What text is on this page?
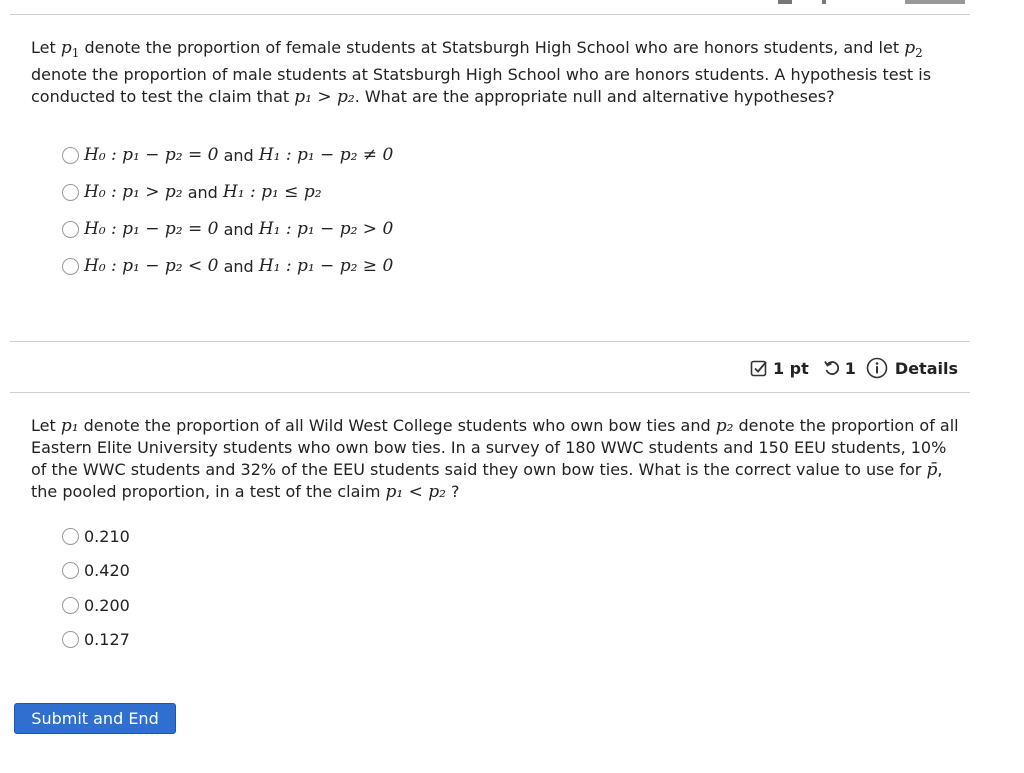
Let $p_1$ denote the proportion of female students at Statsburgh High School who are honors students, and let $p_2$ denote the proportion of male students at Statsburgh High School who are honors students. A hypothesis test is conducted to test the claim that p₁ > p₂. What are the appropriate null and alternative hypotheses?

H₀ : p₁ − p₂ = 0 and H₁ : p₁ − p₂ ≠ 0
H₀ : p₁ > p₂ and H₁ : p₁ ≤ p₂
H₀ : p₁ − p₂ = 0 and H₁ : p₁ − p₂ > 0
H₀ : p₁ − p₂ < 0 and H₁ : p₁ − p₂ ≥ 0
1 pt 1 Details

Let p₁ denote the proportion of all Wild West College students who own bow ties and p₂ denote the proportion of all Eastern Elite University students who own bow ties. In a survey of 180 WWC students and 150 EEU students, 10% of the WWC students and 32% of the EEU students said they own bow ties. What is the correct value to use for p̄, the pooled proportion, in a test of the claim p₁ < p₂ ?

0.210
0.420
0.200
0.127
Submit and End
